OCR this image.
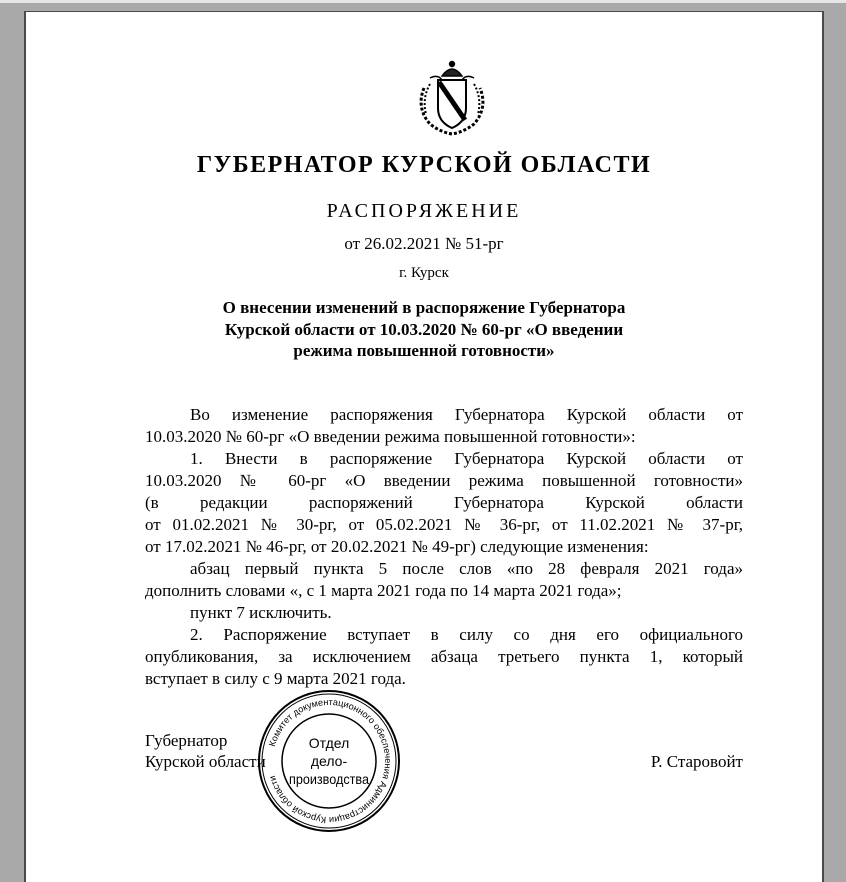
ГУБЕРНАТОР КУРСКОЙ ОБЛАСТИ
РАСПОРЯЖЕНИЕ
от 26.02.2021 № 51-рг
г. Курск
О внесении изменений в распоряжение Губернатора
Курской области от 10.03.2020 № 60-рг «О введении
режима повышенной готовности»
Во изменение распоряжения Губернатора Курской области от
10.03.2020 № 60-рг «О введении режима повышенной готовности»:
1. Внести в распоряжение Губернатора Курской области от
10.03.2020 № 60-рг «О введении режима повышенной готовности»
(в редакции распоряжений Губернатора Курской области
от 01.02.2021 № 30-рг, от 05.02.2021 № 36-рг, от 11.02.2021 № 37-рг,
от 17.02.2021 № 46-рг, от 20.02.2021 № 49-рг) следующие изменения:
абзац первый пункта 5 после слов «по 28 февраля 2021 года»
дополнить словами «, с 1 марта 2021 года по 14 марта 2021 года»;
пункт 7 исключить.
2. Распоряжение вступает в силу со дня его официального
опубликования, за исключением абзаца третьего пункта 1, который
вступает в силу с 9 марта 2021 года.
Губернатор
Курской области	Р. Старовойт
Комитет документационного обеспечения Администрации Курской области
Отдел
дело-
производства
